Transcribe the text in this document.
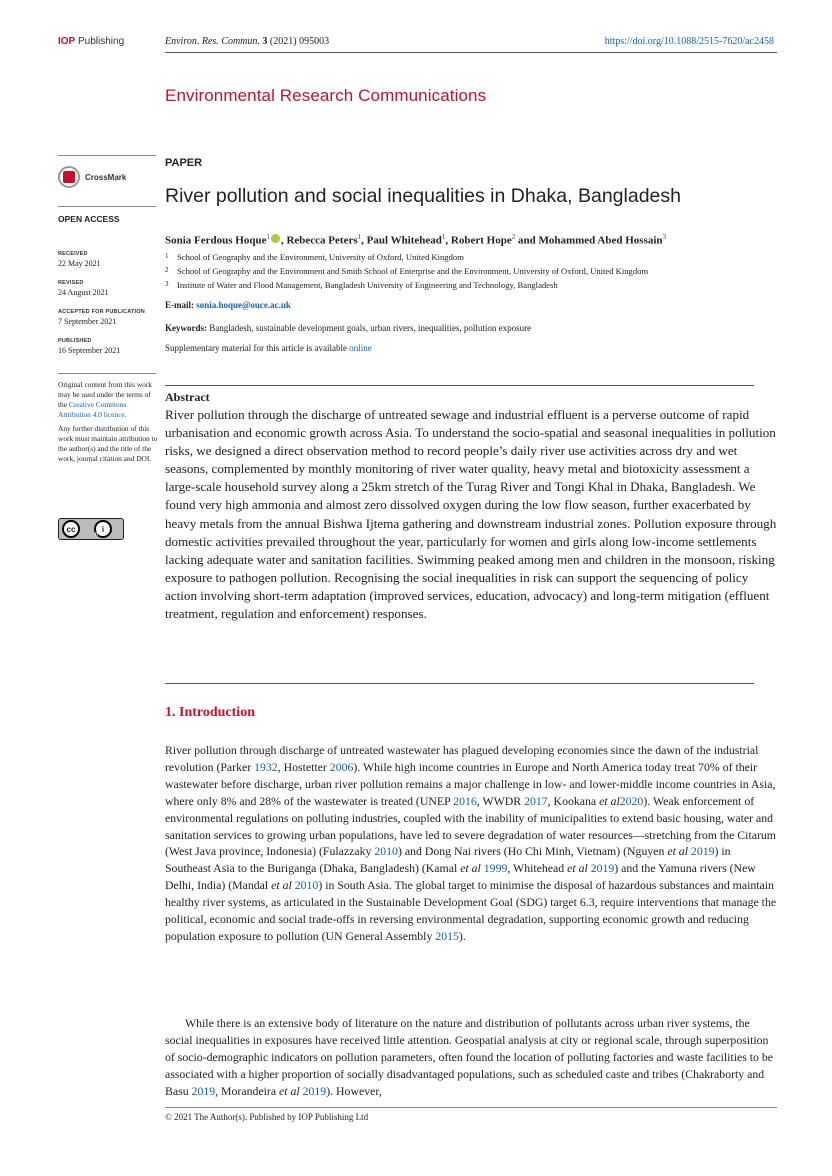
IOP Publishing	Environ. Res. Commun. 3 (2021) 095003	https://doi.org/10.1088/2515-7620/ac2458
Environmental Research Communications
CrossMark
OPEN ACCESS
RECEIVED
22 May 2021
REVISED
24 August 2021
ACCEPTED FOR PUBLICATION
7 September 2021
PUBLISHED
16 September 2021

Original content from this work may be used under the terms of the Creative Commons Attribution 4.0 licence.

Any further distribution of this work must maintain attribution to the author(s) and the title of the work, journal citation and DOI.

cc	i
BY
PAPER
River pollution and social inequalities in Dhaka, Bangladesh
Sonia Ferdous Hoque$^1$ , Rebecca Peters$^1$, Paul Whitehead$^1$, Robert Hope$^2$ and Mohammed Abed Hossain$^3$
1 School of Geography and the Environment, University of Oxford, United Kingdom
2 School of Geography and the Environment and Smith School of Enterprise and the Environment, University of Oxford, United Kingdom
3 Institute of Water and Flood Management, Bangladesh University of Engineering and Technology, Bangladesh
E-mail: sonia.hoque@ouce.ac.uk
Keywords: Bangladesh, sustainable development goals, urban rivers, inequalities, pollution exposure
Supplementary material for this article is available online
Abstract
River pollution through the discharge of untreated sewage and industrial effluent is a perverse outcome of rapid urbanisation and economic growth across Asia. To understand the socio-spatial and seasonal inequalities in pollution risks, we designed a direct observation method to record people’s daily river use activities across dry and wet seasons, complemented by monthly monitoring of river water quality, heavy metal and biotoxicity assessment a large-scale household survey along a 25km stretch of the Turag River and Tongi Khal in Dhaka, Bangladesh. We found very high ammonia and almost zero dissolved oxygen during the low flow season, further exacerbated by heavy metals from the annual Bishwa Ijtema gathering and downstream industrial zones. Pollution exposure through domestic activities prevailed throughout the year, particularly for women and girls along low-income settlements lacking adequate water and sanitation facilities. Swimming peaked among men and children in the monsoon, risking exposure to pathogen pollution. Recognising the social inequalities in risk can support the sequencing of policy action involving short-term adaptation (improved services, education, advocacy) and long-term mitigation (effluent treatment, regulation and enforcement) responses.
1. Introduction
River pollution through discharge of untreated wastewater has plagued developing economies since the dawn of the industrial revolution (Parker 1932, Hostetter 2006). While high income countries in Europe and North America today treat 70% of their wastewater before discharge, urban river pollution remains a major challenge in low- and lower-middle income countries in Asia, where only 8% and 28% of the wastewater is treated (UNEP 2016, WWDR 2017, Kookana et al2020). Weak enforcement of environmental regulations on polluting industries, coupled with the inability of municipalities to extend basic housing, water and sanitation services to growing urban populations, have led to severe degradation of water resources—stretching from the Citarum (West Java province, Indonesia) (Fulazzaky 2010) and Dong Nai rivers (Ho Chi Minh, Vietnam) (Nguyen et al 2019) in Southeast Asia to the Buriganga (Dhaka, Bangladesh) (Kamal et al 1999, Whitehead et al 2019) and the Yamuna rivers (New Delhi, India) (Mandal et al 2010) in South Asia. The global target to minimise the disposal of hazardous substances and maintain healthy river systems, as articulated in the Sustainable Development Goal (SDG) target 6.3, require interventions that manage the political, economic and social trade-offs in reversing environmental degradation, supporting economic growth and reducing population exposure to pollution (UN General Assembly 2015).
While there is an extensive body of literature on the nature and distribution of pollutants across urban river systems, the social inequalities in exposures have received little attention. Geospatial analysis at city or regional scale, through superposition of socio-demographic indicators on pollution parameters, often found the location of polluting factories and waste facilities to be associated with a higher proportion of socially disadvantaged populations, such as scheduled caste and tribes (Chakraborty and Basu 2019, Morandeira et al 2019). However,
© 2021 The Author(s). Published by IOP Publishing Ltd
